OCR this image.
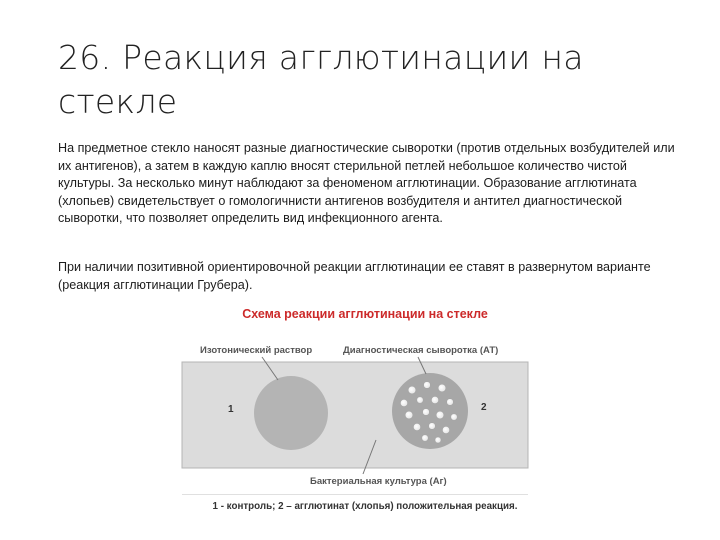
26. Реакция агглютинации на стекле
На предметное стекло наносят разные диагностические сыворотки (против отдельных возбудителей или их антигенов), а затем в каждую каплю вносят стерильной петлей небольшое количество чистой культуры. За несколько минут наблюдают за феноменом агглютинации. Образование агглютината (хлопьев) свидетельствует о гомологичнисти антигенов возбудителя и антител диагностической сыворотки, что позволяет определить вид инфекционного агента.
При наличии позитивной ориентировочной реакции агглютинации ее ставят в развернутом варианте (реакция агглютинации Грубера).
Схема реакции агглютинации на стекле
Изотонический раствор	Диагностическая сыворотка (АТ)
Бактериальная культура (Аг)
1	2
1 - контроль; 2 – агглютинат (хлопья) положительная реакция.
